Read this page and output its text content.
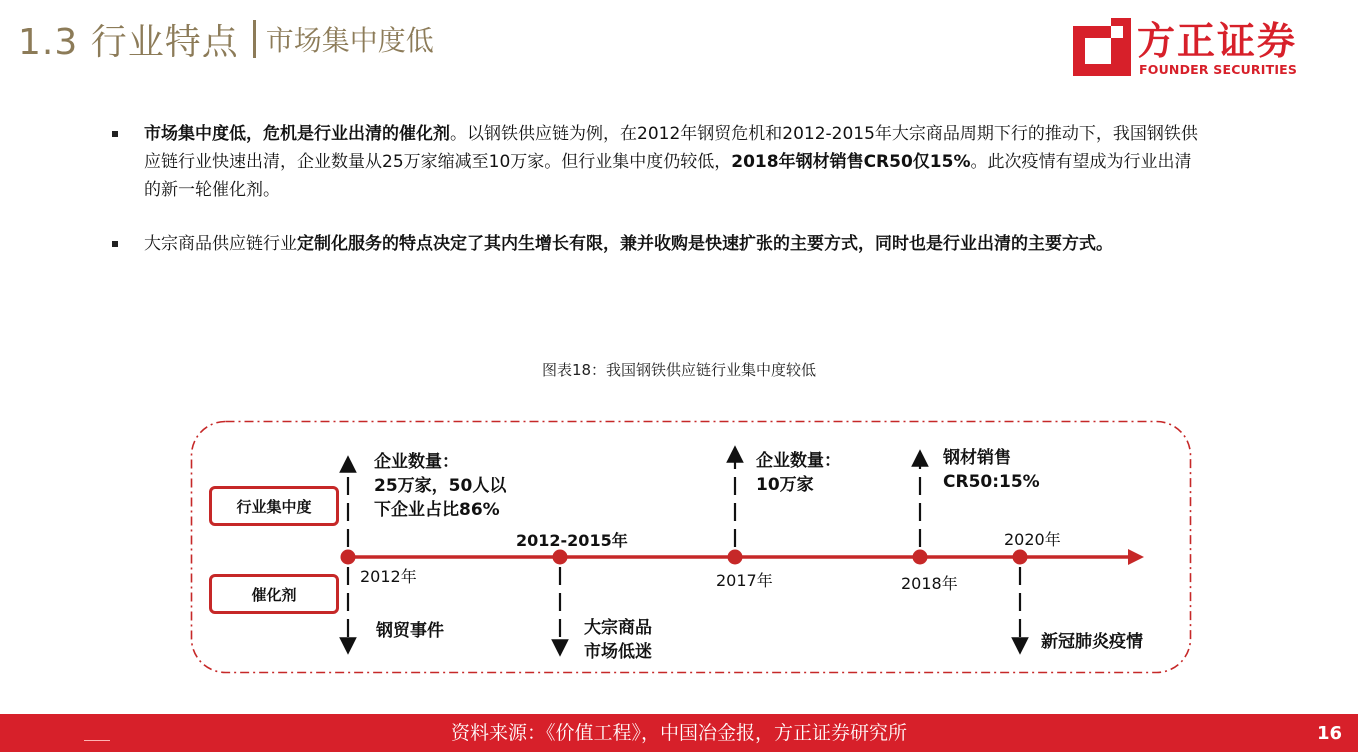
1.3 行业特点 市场集中度低	方正证券
FOUNDER SECURITIES
市场集中度低，危机是行业出清的催化剂。以钢铁供应链为例，在2012年钢贸危机和2012-2015年大宗商品周期下行的推动下，我国钢铁供应链行业快速出清，企业数量从25万家缩减至10万家。但行业集中度仍较低，2018年钢材销售CR50仅15%。此次疫情有望成为行业出清的新一轮催化剂。
大宗商品供应链行业定制化服务的特点决定了其内生增长有限，兼并收购是快速扩张的主要方式，同时也是行业出清的主要方式。
图表18：我国钢铁供应链行业集中度较低
行业集中度
催化剂
2012年
2012-2015年
2017年	2018年
2020年
企业数量：
25万家，50人以
下企业占比86%
企业数量：
10万家
钢材销售
CR50:15%
钢贸事件	大宗商品
市场低迷	新冠肺炎疫情
资料来源：《价值工程》，中国冶金报，方正证券研究所	16
